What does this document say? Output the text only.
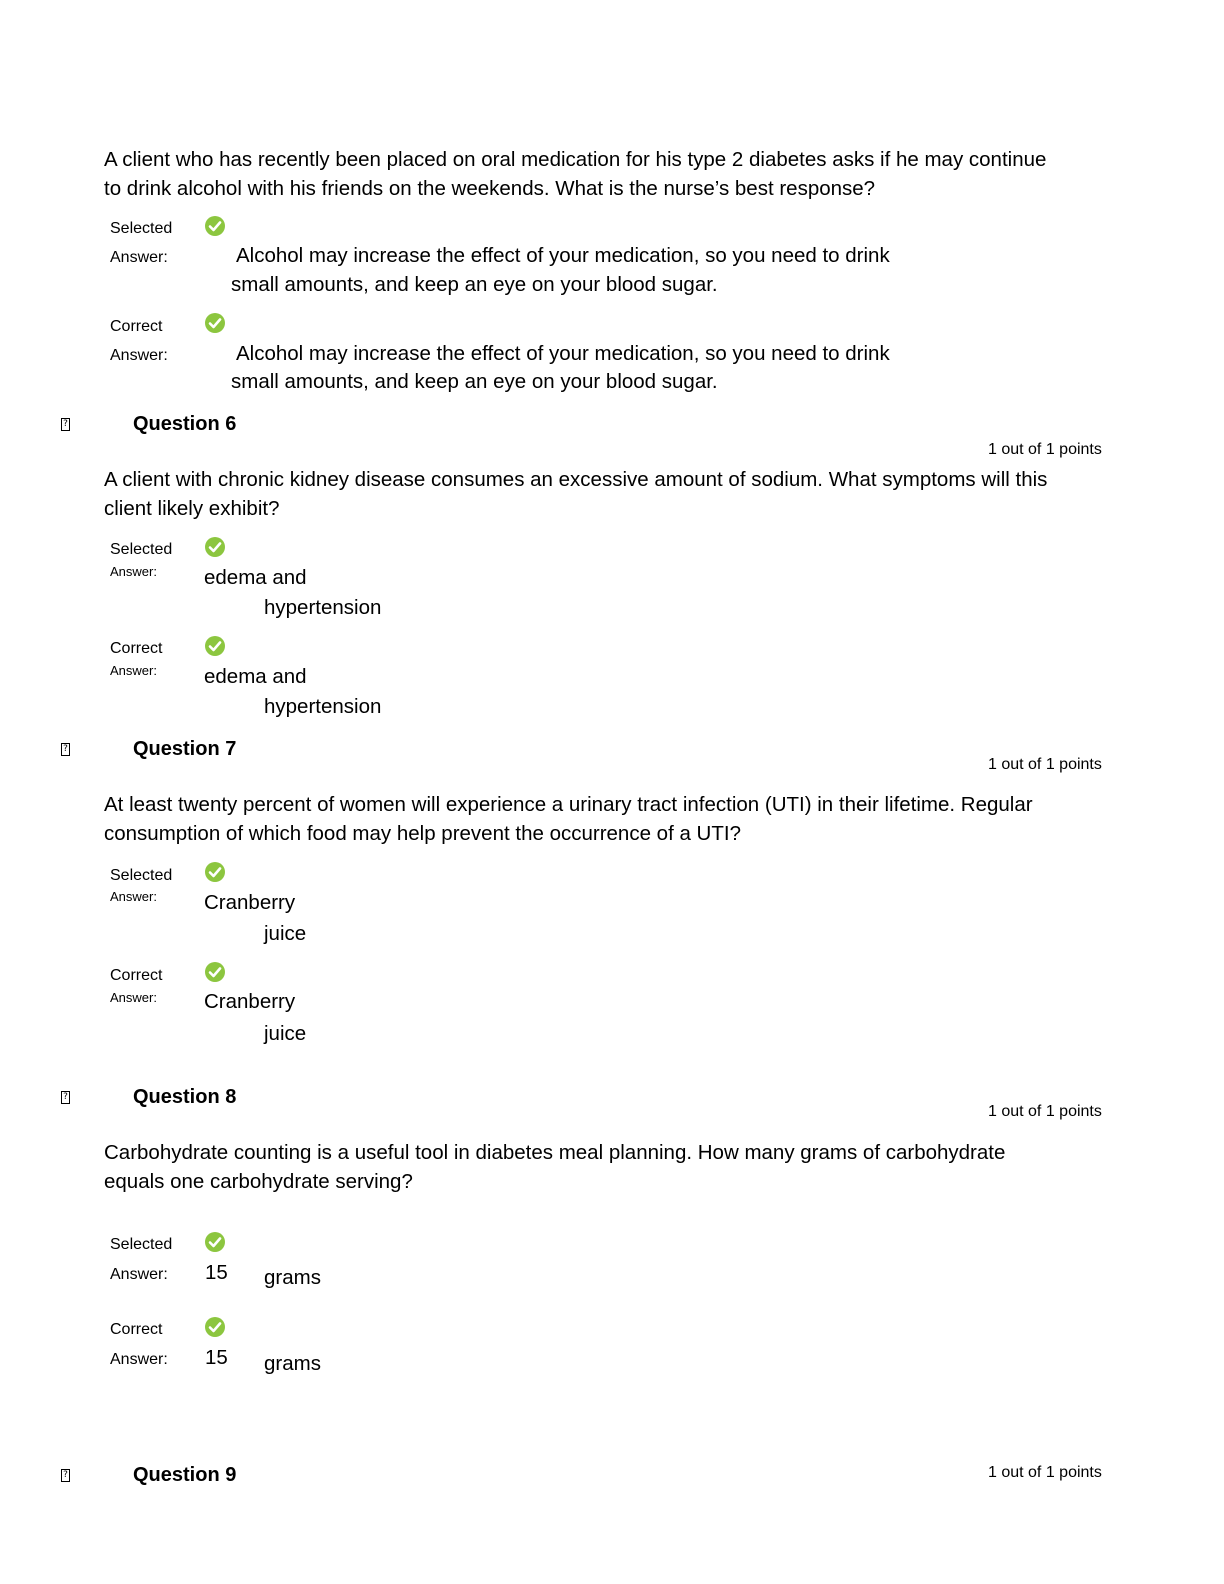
A client who has recently been placed on oral medication for his type 2 diabetes asks if he may continue to drink alcohol with his friends on the weekends. What is the nurse’s best response?
Selected
Answer:	Alcohol may increase the effect of your medication, so you need to drink
small amounts, and keep an eye on your blood sugar.
Correct
Answer:	Alcohol may increase the effect of your medication, so you need to drink
small amounts, and keep an eye on your blood sugar.
?	Question 6
1 out of 1 points
A client with chronic kidney disease consumes an excessive amount of sodium. What symptoms will this client likely exhibit?
Selected
Answer: edema and
hypertension
Correct
Answer: edema and
hypertension
?	Question 7
1 out of 1 points
At least twenty percent of women will experience a urinary tract infection (UTI) in their lifetime. Regular consumption of which food may help prevent the occurrence of a UTI?
Selected
Answer: Cranberry
juice
Correct
Answer: Cranberry
juice
?	Question 8
1 out of 1 points
Carbohydrate counting is a useful tool in diabetes meal planning. How many grams of carbohydrate equals one carbohydrate serving?
Selected
Answer: 15 grams
Correct
Answer: 15 grams
?	Question 9	1 out of 1 points
